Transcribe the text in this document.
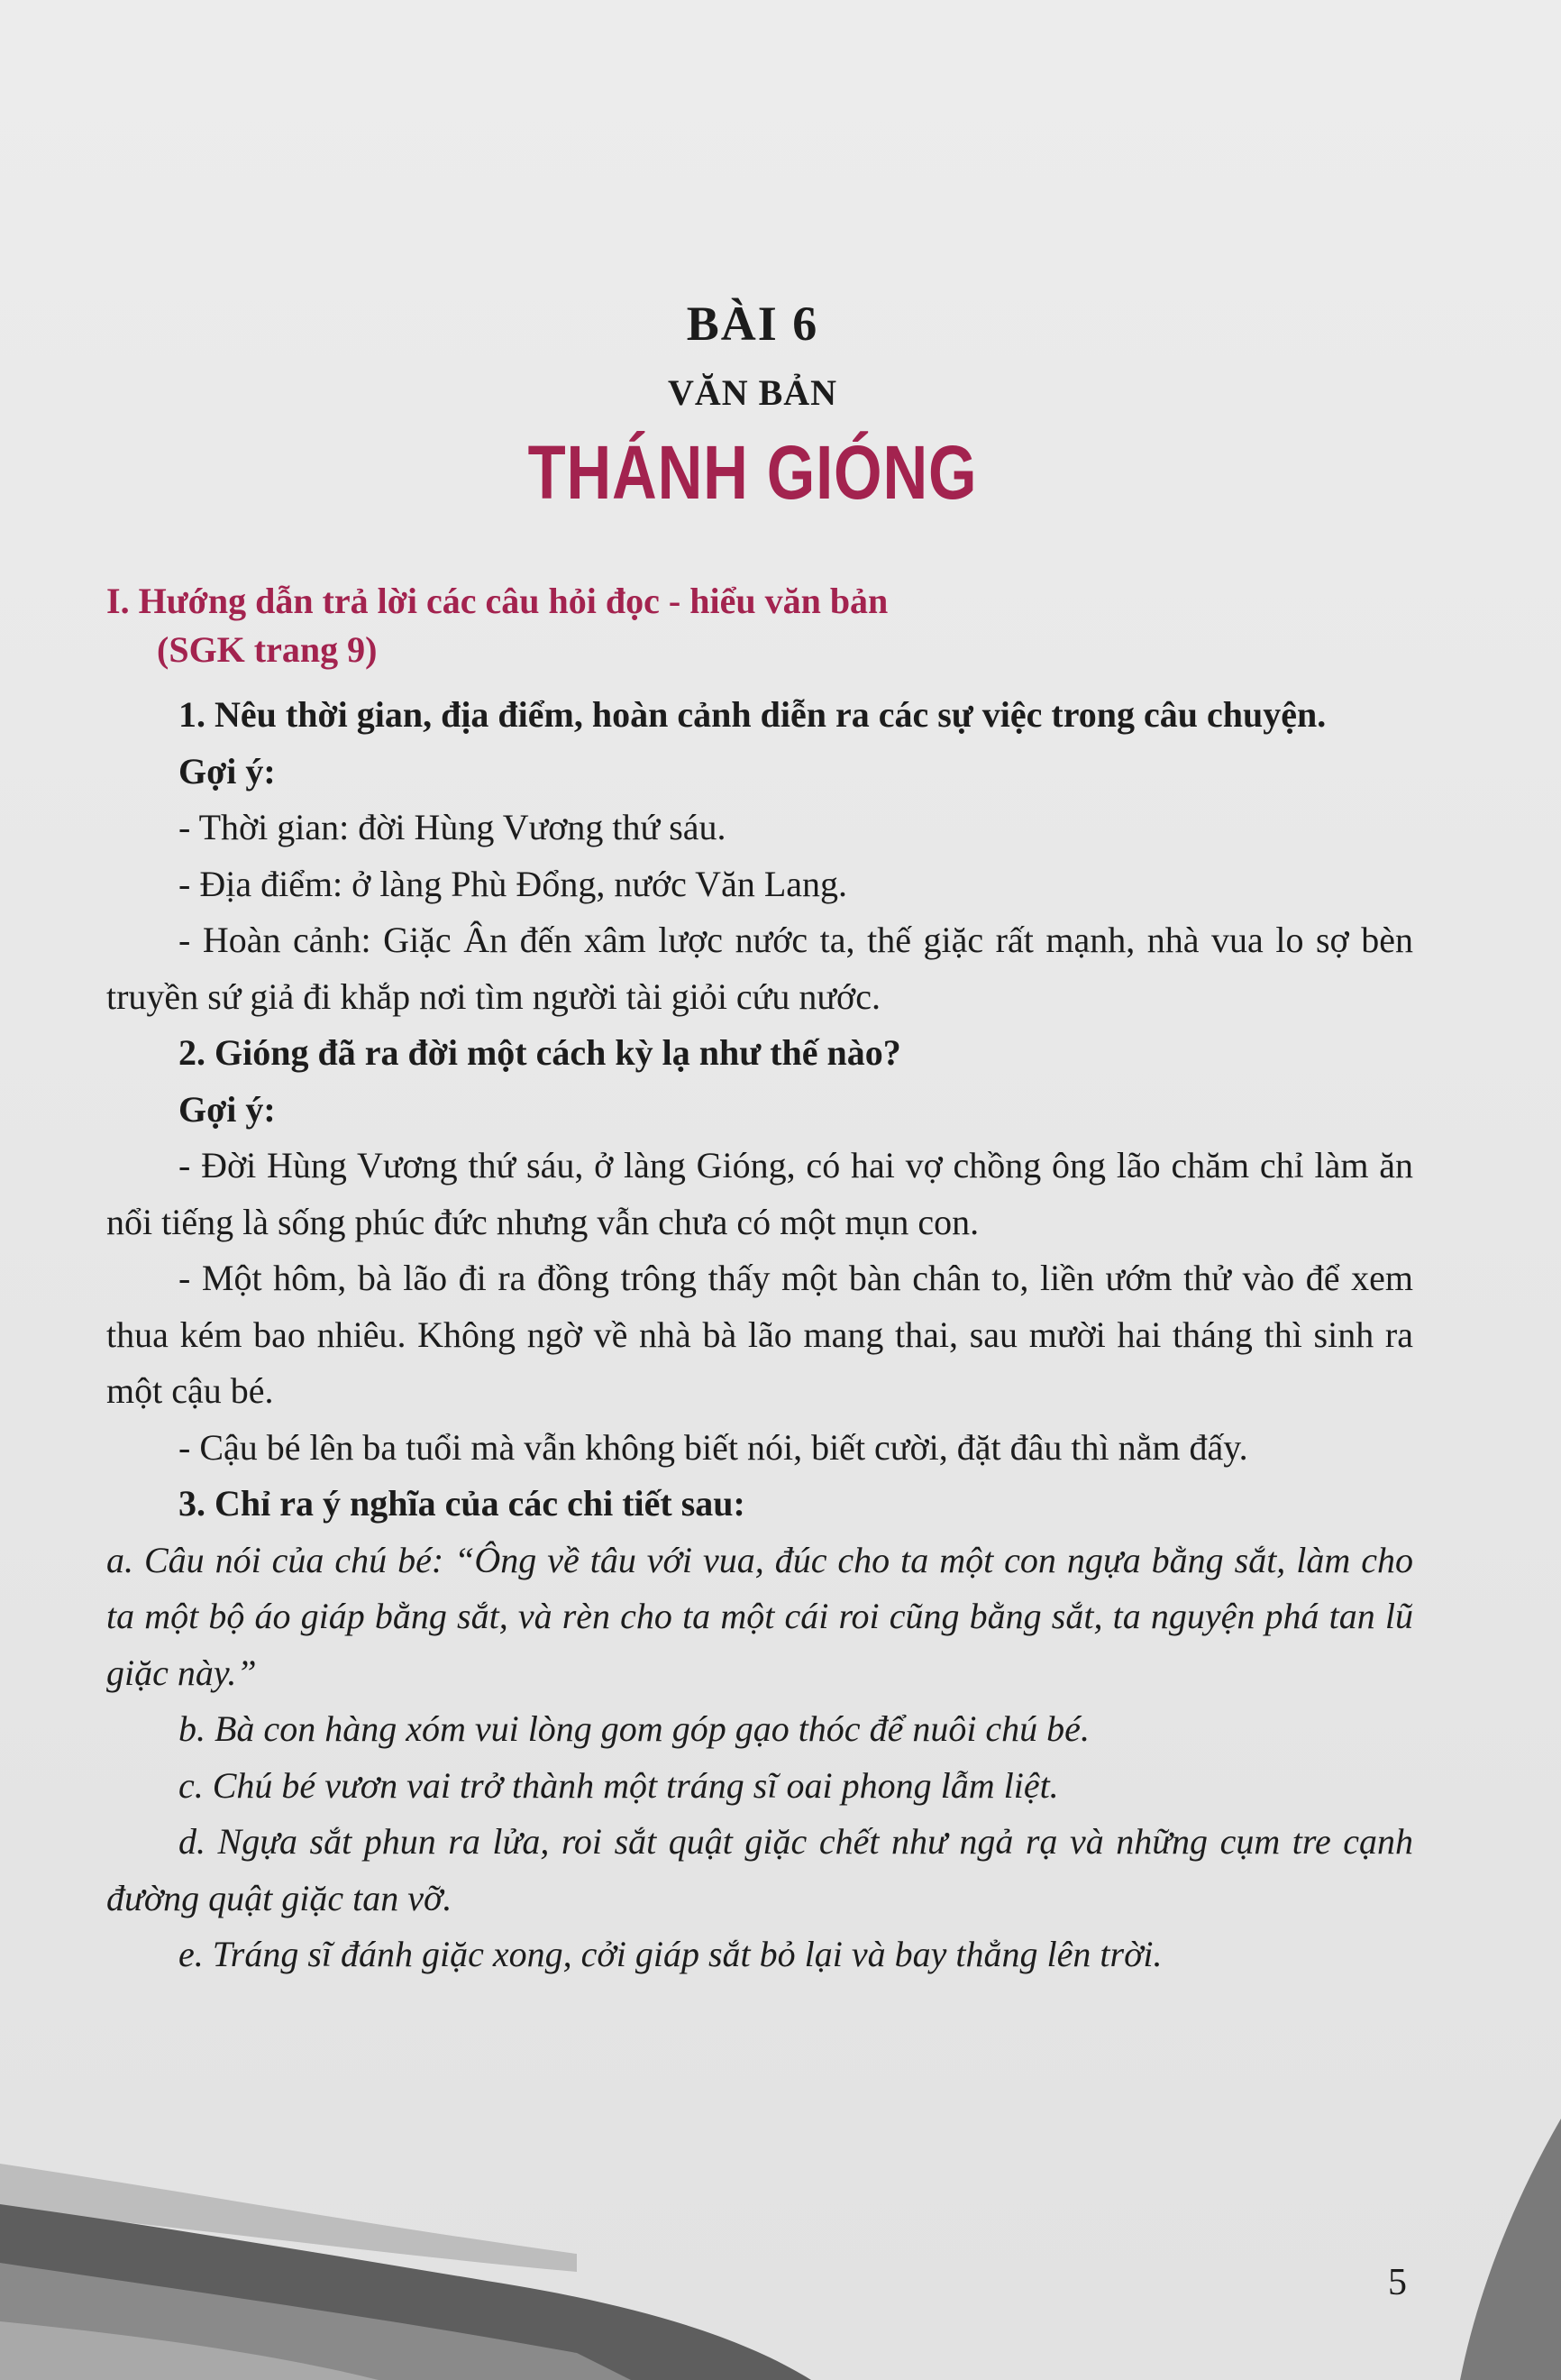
BÀI 6
VĂN BẢN
THÁNH GIÓNG
I. Hướng dẫn trả lời các câu hỏi đọc - hiểu văn bản
(SGK trang 9)

1. Nêu thời gian, địa điểm, hoàn cảnh diễn ra các sự việc trong câu chuyện.

Gợi ý:

- Thời gian: đời Hùng Vương thứ sáu.

- Địa điểm: ở làng Phù Đổng, nước Văn Lang.

- Hoàn cảnh: Giặc Ân đến xâm lược nước ta, thế giặc rất mạnh, nhà vua lo sợ bèn truyền sứ giả đi khắp nơi tìm người tài giỏi cứu nước.

2. Gióng đã ra đời một cách kỳ lạ như thế nào?

Gợi ý:

- Đời Hùng Vương thứ sáu, ở làng Gióng, có hai vợ chồng ông lão chăm chỉ làm ăn nổi tiếng là sống phúc đức nhưng vẫn chưa có một mụn con.

- Một hôm, bà lão đi ra đồng trông thấy một bàn chân to, liền ướm thử vào để xem thua kém bao nhiêu. Không ngờ về nhà bà lão mang thai, sau mười hai tháng thì sinh ra một cậu bé.

- Cậu bé lên ba tuổi mà vẫn không biết nói, biết cười, đặt đâu thì nằm đấy.

3. Chỉ ra ý nghĩa của các chi tiết sau:

a. Câu nói của chú bé: “Ông về tâu với vua, đúc cho ta một con ngựa bằng sắt, làm cho ta một bộ áo giáp bằng sắt, và rèn cho ta một cái roi cũng bằng sắt, ta nguyện phá tan lũ giặc này.”

b. Bà con hàng xóm vui lòng gom góp gạo thóc để nuôi chú bé.

c. Chú bé vươn vai trở thành một tráng sĩ oai phong lẫm liệt.

d. Ngựa sắt phun ra lửa, roi sắt quật giặc chết như ngả rạ và những cụm tre cạnh đường quật giặc tan vỡ.

e. Tráng sĩ đánh giặc xong, cởi giáp sắt bỏ lại và bay thẳng lên trời.

5
